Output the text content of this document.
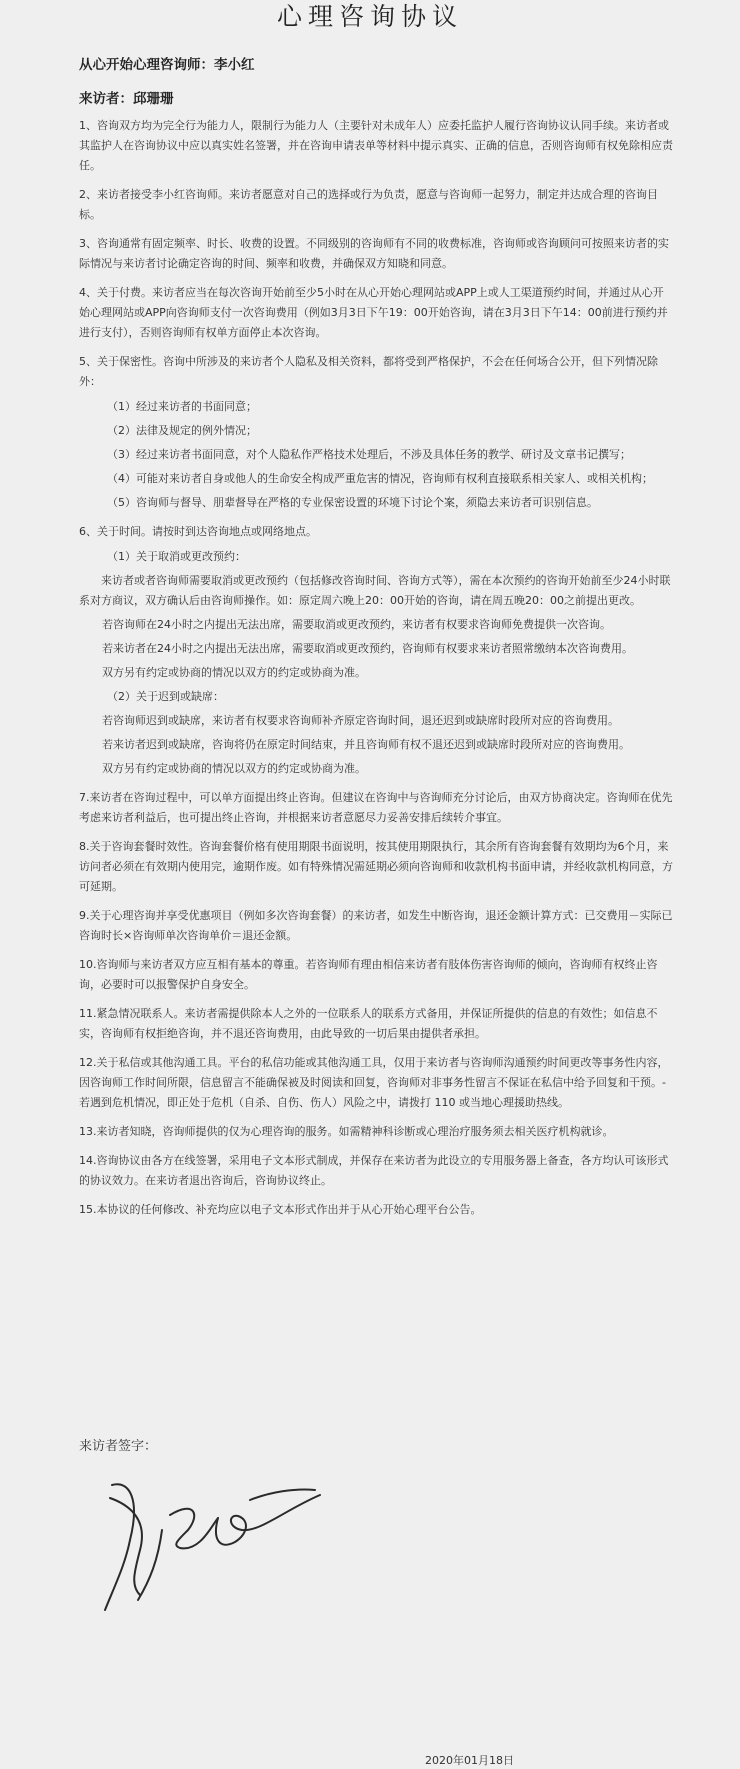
心理咨询协议
从心开始心理咨询师：李小红
来访者：邱珊珊

1、咨询双方均为完全行为能力人，限制行为能力人（主要针对未成年人）应委托监护人履行咨询协议认同手续。来访者或其监护人在咨询协议中应以真实姓名签署，并在咨询申请表单等材料中提示真实、正确的信息，否则咨询师有权免除相应责任。

2、来访者接受李小红咨询师。来访者愿意对自己的选择或行为负责，愿意与咨询师一起努力，制定并达成合理的咨询目标。

3、咨询通常有固定频率、时长、收费的设置。不同级别的咨询师有不同的收费标准，咨询师或咨询顾问可按照来访者的实际情况与来访者讨论确定咨询的时间、频率和收费，并确保双方知晓和同意。

4、关于付费。来访者应当在每次咨询开始前至少5小时在从心开始心理网站或APP上或人工渠道预约时间，并通过从心开始心理网站或APP向咨询师支付一次咨询费用（例如3月3日下午19：00开始咨询，请在3月3日下午14：00前进行预约并进行支付），否则咨询师有权单方面停止本次咨询。

5、关于保密性。咨询中所涉及的来访者个人隐私及相关资料，都将受到严格保护，不会在任何场合公开，但下列情况除外：

（1）经过来访者的书面同意；
（2）法律及规定的例外情况；
（3）经过来访者书面同意，对个人隐私作严格技术处理后，不涉及具体任务的教学、研讨及文章书记撰写；
（4）可能对来访者自身或他人的生命安全构成严重危害的情况，咨询师有权利直接联系相关家人、或相关机构；
（5）咨询师与督导、朋辈督导在严格的专业保密设置的环境下讨论个案，须隐去来访者可识别信息。

6、关于时间。请按时到达咨询地点或网络地点。

（1）关于取消或更改预约：
来访者或者咨询师需要取消或更改预约（包括修改咨询时间、咨询方式等），需在本次预约的咨询开始前至少24小时联系对方商议，双方确认后由咨询师操作。如：原定周六晚上20：00开始的咨询，请在周五晚20：00之前提出更改。
若咨询师在24小时之内提出无法出席，需要取消或更改预约，来访者有权要求咨询师免费提供一次咨询。
若来访者在24小时之内提出无法出席，需要取消或更改预约，咨询师有权要求来访者照常缴纳本次咨询费用。
双方另有约定或协商的情况以双方的约定或协商为准。
（2）关于迟到或缺席：
若咨询师迟到或缺席，来访者有权要求咨询师补齐原定咨询时间，退还迟到或缺席时段所对应的咨询费用。
若来访者迟到或缺席，咨询将仍在原定时间结束，并且咨询师有权不退还迟到或缺席时段所对应的咨询费用。
双方另有约定或协商的情况以双方的约定或协商为准。

7.来访者在咨询过程中，可以单方面提出终止咨询。但建议在咨询中与咨询师充分讨论后，由双方协商决定。咨询师在优先考虑来访者利益后，也可提出终止咨询，并根据来访者意愿尽力妥善安排后续转介事宜。

8.关于咨询套餐时效性。咨询套餐价格有使用期限书面说明，按其使用期限执行，其余所有咨询套餐有效期均为6个月，来访问者必须在有效期内使用完，逾期作废。如有特殊情况需延期必须向咨询师和收款机构书面申请，并经收款机构同意，方可延期。

9.关于心理咨询并享受优惠项目（例如多次咨询套餐）的来访者，如发生中断咨询，退还金额计算方式：已交费用－实际已咨询时长×咨询师单次咨询单价＝退还金额。

10.咨询师与来访者双方应互相有基本的尊重。若咨询师有理由相信来访者有肢体伤害咨询师的倾向，咨询师有权终止咨询，必要时可以报警保护自身安全。

11.紧急情况联系人。来访者需提供除本人之外的一位联系人的联系方式备用，并保证所提供的信息的有效性；如信息不实，咨询师有权拒绝咨询，并不退还咨询费用，由此导致的一切后果由提供者承担。

12.关于私信或其他沟通工具。平台的私信功能或其他沟通工具，仅用于来访者与咨询师沟通预约时间更改等事务性内容，因咨询师工作时间所限，信息留言不能确保被及时阅读和回复，咨询师对非事务性留言不保证在私信中给予回复和干预。- 若遇到危机情况，即正处于危机（自杀、自伤、伤人）风险之中，请拨打 110 或当地心理援助热线。

13.来访者知晓，咨询师提供的仅为心理咨询的服务。如需精神科诊断或心理治疗服务须去相关医疗机构就诊。

14.咨询协议由各方在线签署，采用电子文本形式制成，并保存在来访者为此设立的专用服务器上备查，各方均认可该形式的协议效力。在来访者退出咨询后，咨询协议终止。

15.本协议的任何修改、补充均应以电子文本形式作出并于从心开始心理平台公告。

来访者签字：
2020年01月18日
